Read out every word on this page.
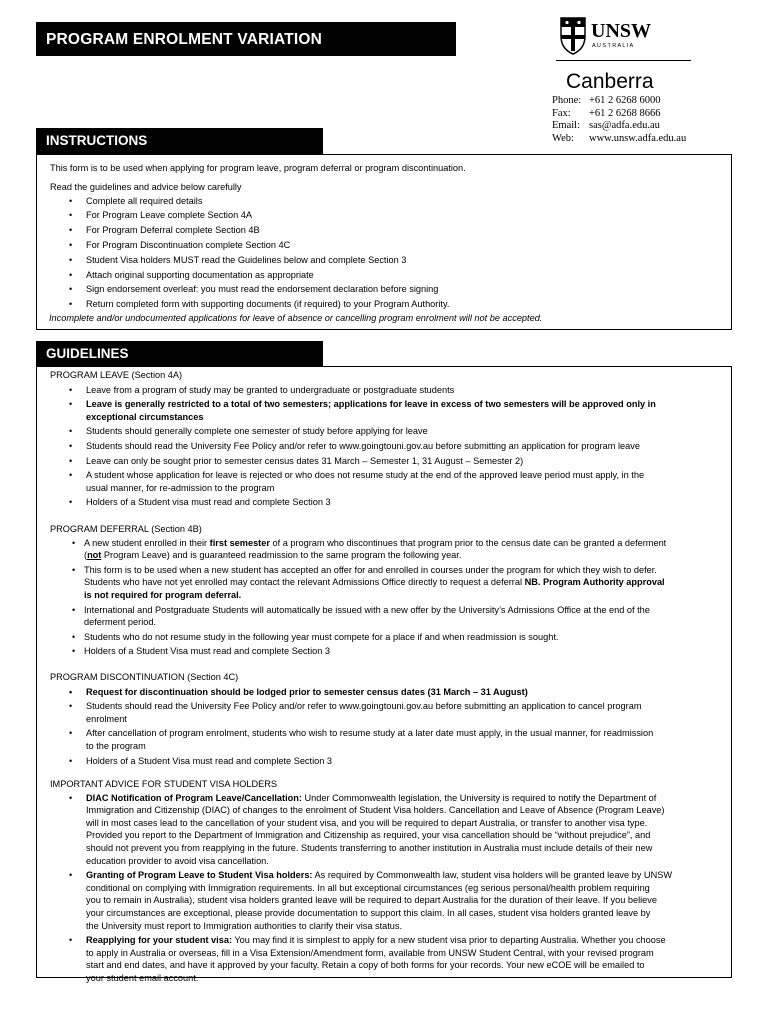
PROGRAM ENROLMENT VARIATION	UNSW
A U S T R A L I A
Canberra
Phone: +61 2 6268 6000
Fax:	+61 2 6268 8666
Email: sas@adfa.edu.au
Web:	www.unsw.adfa.edu.au
INSTRUCTIONS
This form is to be used when applying for program leave, program deferral or program discontinuation.
Read the guidelines and advice below carefully
• Complete all required details
• For Program Leave complete Section 4A
• For Program Deferral complete Section 4B
• For Program Discontinuation complete Section 4C
• Student Visa holders MUST read the Guidelines below and complete Section 3
• Attach original supporting documentation as appropriate
• Sign endorsement overleaf: you must read the endorsement declaration before signing
• Return completed form with supporting documents (if required) to your Program Authority.
Incomplete and/or undocumented applications for leave of absence or cancelling program enrolment will not be accepted.
GUIDELINES
PROGRAM LEAVE (Section 4A)
• Leave from a program of study may be granted to undergraduate or postgraduate students
• Leave is generally restricted to a total of two semesters; applications for leave in excess of two semesters will be approved only in
exceptional circumstances
• Students should generally complete one semester of study before applying for leave
• Students should read the University Fee Policy and/or refer to www.goingtouni.gov.au before submitting an application for program leave
• Leave can only be sought prior to semester census dates 31 March – Semester 1, 31 August – Semester 2)
• A student whose application for leave is rejected or who does not resume study at the end of the approved leave period must apply, in the
usual manner, for re-admission to the program
• Holders of a Student visa must read and complete Section 3
PROGRAM DEFERRAL (Section 4B)
• A new student enrolled in their first semester of a program who discontinues that program prior to the census date can be granted a deferment
(not Program Leave) and is guaranteed readmission to the same program the following year.
• This form is to be used when a new student has accepted an offer for and enrolled in courses under the program for which they wish to defer.
Students who have not yet enrolled may contact the relevant Admissions Office directly to request a deferral NB. Program Authority approval
is not required for program deferral.
• International and Postgraduate Students will automatically be issued with a new offer by the University’s Admissions Office at the end of the
deferment period.
• Students who do not resume study in the following year must compete for a place if and when readmission is sought.
• Holders of a Student Visa must read and complete Section 3
PROGRAM DISCONTINUATION (Section 4C)
• Request for discontinuation should be lodged prior to semester census dates (31 March – 31 August)
• Students should read the University Fee Policy and/or refer to www.goingtouni.gov.au before submitting an application to cancel program
enrolment
• After cancellation of program enrolment, students who wish to resume study at a later date must apply, in the usual manner, for readmission
to the program
• Holders of a Student Visa must read and complete Section 3
IMPORTANT ADVICE FOR STUDENT VISA HOLDERS
• DIAC Notification of Program Leave/Cancellation: Under Commonwealth legislation, the University is required to notify the Department of
Immigration and Citizenship (DIAC) of changes to the enrolment of Student Visa holders. Cancellation and Leave of Absence (Program Leave)
will in most cases lead to the cancellation of your student visa, and you will be required to depart Australia, or transfer to another visa type.
Provided you report to the Department of Immigration and Citizenship as required, your visa cancellation should be “without prejudice”, and
should not prevent you from reapplying in the future. Students transferring to another institution in Australia must include details of their new
education provider to avoid visa cancellation.
• Granting of Program Leave to Student Visa holders: As required by Commonwealth law, student visa holders will be granted leave by UNSW
conditional on complying with Immigration requirements. In all but exceptional circumstances (eg serious personal/health problem requiring
you to remain in Australia), student visa holders granted leave will be required to depart Australia for the duration of their leave. If you believe
your circumstances are exceptional, please provide documentation to support this claim. In all cases, student visa holders granted leave by
the University must report to Immigration authorities to clarify their visa status.
• Reapplying for your student visa: You may find it is simplest to apply for a new student visa prior to departing Australia. Whether you choose
to apply in Australia or overseas, fill in a Visa Extension/Amendment form, available from UNSW Student Central, with your revised program
start and end dates, and have it approved by your faculty. Retain a copy of both forms for your records. Your new eCOE will be emailed to
your student email account.
